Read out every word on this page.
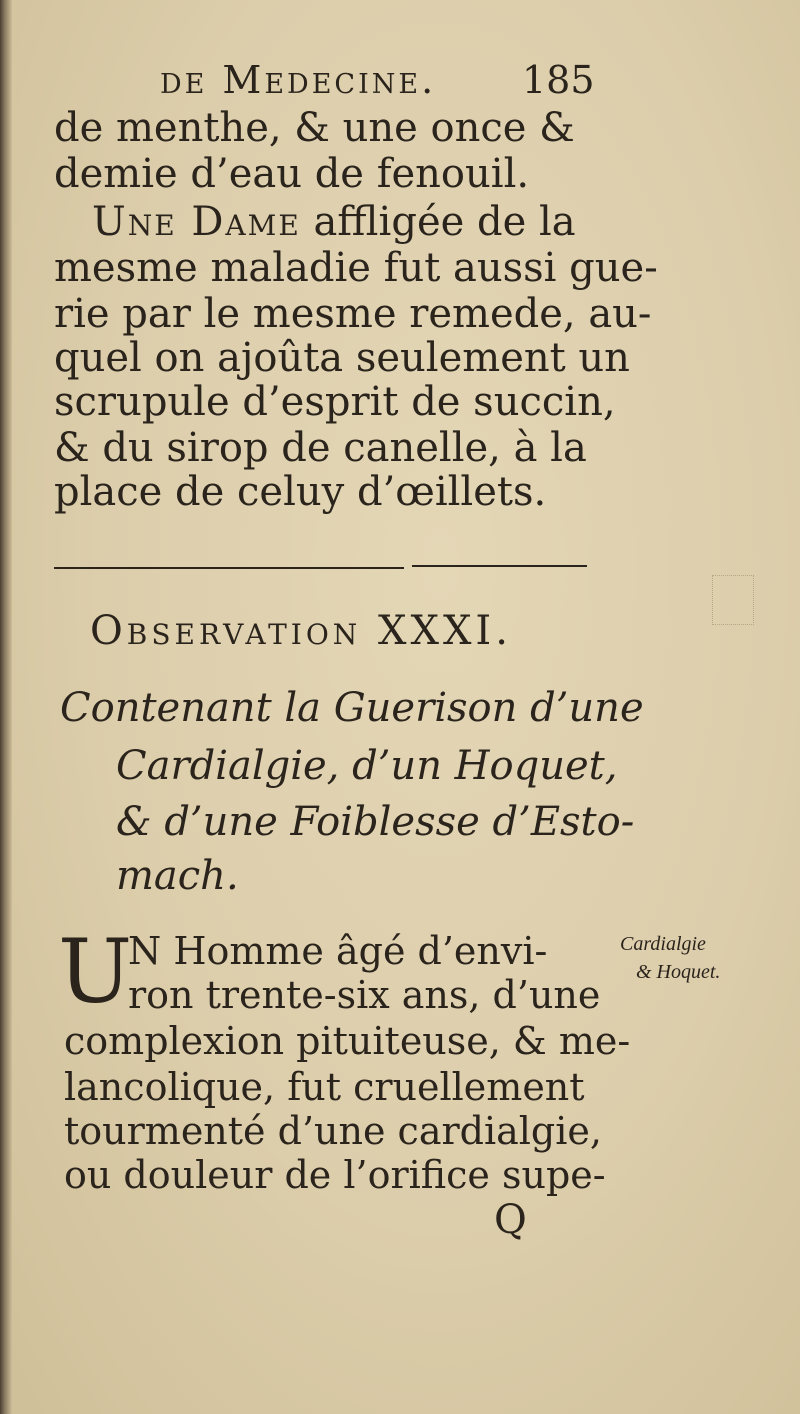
de Medecine. 185
de menthe, & une once &
demie d’eau de fenouil.
Une Dame affligée de la
mesme maladie fut aussi gue-
rie par le mesme remede, au-
quel on ajoûta seulement un
scrupule d’esprit de succin,
& du sirop de canelle, à la
place de celuy d’œillets.
Observation XXXI.
Contenant la Guerison d’une
Cardialgie, d’un Hoquet,
& d’une Foiblesse d’Esto-
mach.
U
N Homme âgé d’envi-
ron trente-six ans, d’une
complexion pituiteuse, & me-
lancolique, fut cruellement
tourmenté d’une cardialgie,
ou douleur de l’orifice supe-
Cardialgie
& Hoquet.
Q
